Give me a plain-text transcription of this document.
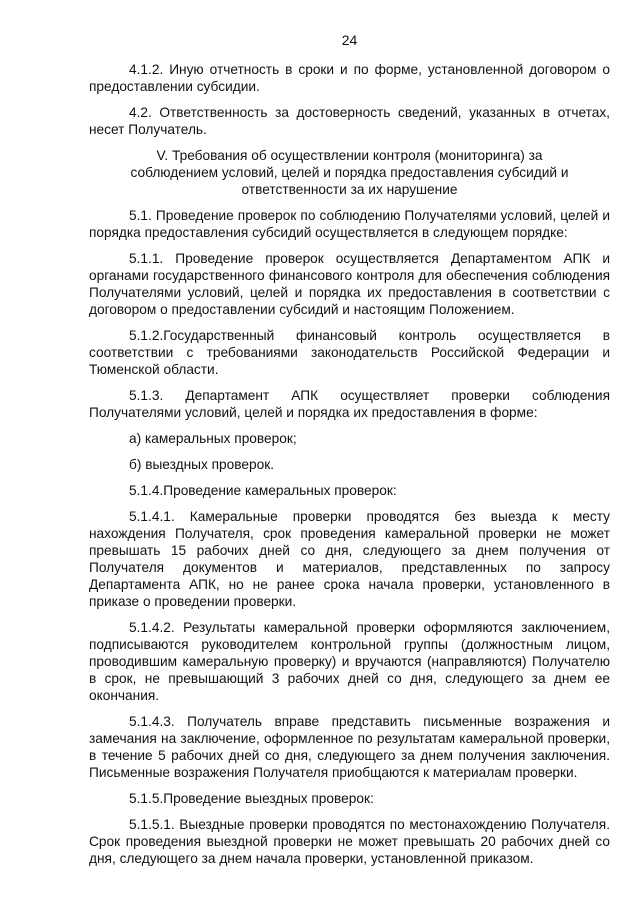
24

4.1.2. Иную отчетность в сроки и по форме, установленной договором о предоставлении субсидии.

4.2. Ответственность за достоверность сведений, указанных в отчетах, несет Получатель.

V. Требования об осуществлении контроля (мониторинга) за соблюдением условий, целей и порядка предоставления субсидий и ответственности за их нарушение

5.1. Проведение проверок по соблюдению Получателями условий, целей и порядка предоставления субсидий осуществляется в следующем порядке:

5.1.1. Проведение проверок осуществляется Департаментом АПК и органами государственного финансового контроля для обеспечения соблюдения Получателями условий, целей и порядка их предоставления в соответствии с договором о предоставлении субсидий и настоящим Положением.

5.1.2.Государственный финансовый контроль осуществляется в соответствии с требованиями законодательств Российской Федерации и Тюменской области.

5.1.3. Департамент АПК осуществляет проверки соблюдения Получателями условий, целей и порядка их предоставления в форме:

а) камеральных проверок;

б) выездных проверок.

5.1.4.Проведение камеральных проверок:

5.1.4.1. Камеральные проверки проводятся без выезда к месту нахождения Получателя, срок проведения камеральной проверки не может превышать 15 рабочих дней со дня, следующего за днем получения от Получателя документов и материалов, представленных по запросу Департамента АПК, но не ранее срока начала проверки, установленного в приказе о проведении проверки.

5.1.4.2. Результаты камеральной проверки оформляются заключением, подписываются руководителем контрольной группы (должностным лицом, проводившим камеральную проверку) и вручаются (направляются) Получателю в срок, не превышающий 3 рабочих дней со дня, следующего за днем ее окончания.

5.1.4.3. Получатель вправе представить письменные возражения и замечания на заключение, оформленное по результатам камеральной проверки, в течение 5 рабочих дней со дня, следующего за днем получения заключения. Письменные возражения Получателя приобщаются к материалам проверки.

5.1.5.Проведение выездных проверок:

5.1.5.1. Выездные проверки проводятся по местонахождению Получателя. Срок проведения выездной проверки не может превышать 20 рабочих дней со дня, следующего за днем начала проверки, установленной приказом.
